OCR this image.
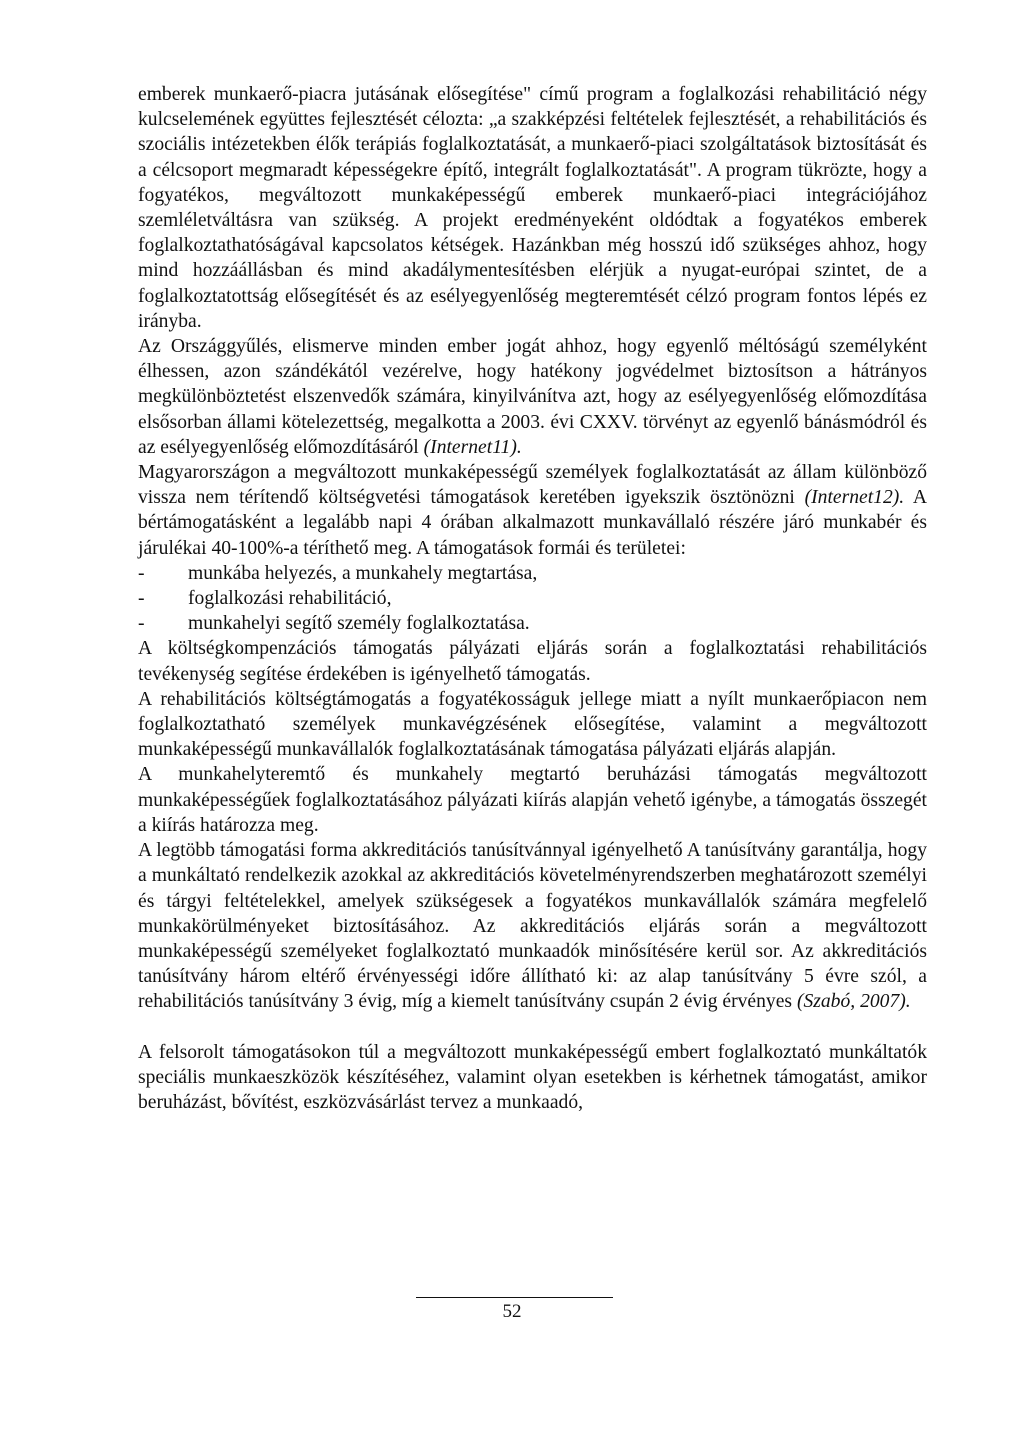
emberek munkaerő-piacra jutásának elősegítése" című program a foglalkozási rehabilitáció négy kulcselemének együttes fejlesztését célozta: „a szakképzési feltételek fejlesztését, a rehabilitációs és szociális intézetekben élők terápiás foglalkoztatását, a munkaerő-piaci szolgáltatások biztosítását és a célcsoport megmaradt képességekre építő, integrált foglalkoztatását". A program tükrözte, hogy a fogyatékos, megváltozott munkaképességű emberek munkaerő-piaci integrációjához szemléletváltásra van szükség. A projekt eredményeként oldódtak a fogyatékos emberek foglalkoztathatóságával kapcsolatos kétségek. Hazánkban még hosszú idő szükséges ahhoz, hogy mind hozzáállásban és mind akadálymentesítésben elérjük a nyugat-európai szintet, de a foglalkoztatottság elősegítését és az esélyegyenlőség megteremtését célzó program fontos lépés ez irányba.

Az Országgyűlés, elismerve minden ember jogát ahhoz, hogy egyenlő méltóságú személyként élhessen, azon szándékától vezérelve, hogy hatékony jogvédelmet biztosítson a hátrányos megkülönböztetést elszenvedők számára, kinyilvánítva azt, hogy az esélyegyenlőség előmozdítása elsősorban állami kötelezettség, megalkotta a 2003. évi CXXV. törvényt az egyenlő bánásmódról és az esélyegyenlőség előmozdításáról (Internet11).

Magyarországon a megváltozott munkaképességű személyek foglalkoztatását az állam különböző vissza nem térítendő költségvetési támogatások keretében igyekszik ösztönözni (Internet12). A bértámogatásként a legalább napi 4 órában alkalmazott munkavállaló részére járó munkabér és járulékai 40-100%-a téríthető meg. A támogatások formái és területei:

- munkába helyezés, a munkahely megtartása,
- foglalkozási rehabilitáció,
- munkahelyi segítő személy foglalkoztatása.

A költségkompenzációs támogatás pályázati eljárás során a foglalkoztatási rehabilitációs tevékenység segítése érdekében is igényelhető támogatás.

A rehabilitációs költségtámogatás a fogyatékosságuk jellege miatt a nyílt munkaerőpiacon nem foglalkoztatható személyek munkavégzésének elősegítése, valamint a megváltozott munkaképességű munkavállalók foglalkoztatásának támogatása pályázati eljárás alapján.

A munkahelyteremtő és munkahely megtartó beruházási támogatás megváltozott munkaképességűek foglalkoztatásához pályázati kiírás alapján vehető igénybe, a támogatás összegét a kiírás határozza meg.

A legtöbb támogatási forma akkreditációs tanúsítvánnyal igényelhető A tanúsítvány garantálja, hogy a munkáltató rendelkezik azokkal az akkreditációs követelményrendszerben meghatározott személyi és tárgyi feltételekkel, amelyek szükségesek a fogyatékos munkavállalók számára megfelelő munkakörülményeket biztosításához. Az akkreditációs eljárás során a megváltozott munkaképességű személyeket foglalkoztató munkaadók minősítésére kerül sor. Az akkreditációs tanúsítvány három eltérő érvényességi időre állítható ki: az alap tanúsítvány 5 évre szól, a rehabilitációs tanúsítvány 3 évig, míg a kiemelt tanúsítvány csupán 2 évig érvényes (Szabó, 2007).

A felsorolt támogatásokon túl a megváltozott munkaképességű embert foglalkoztató munkáltatók speciális munkaeszközök készítéséhez, valamint olyan esetekben is kérhetnek támogatást, amikor beruházást, bővítést, eszközvásárlást tervez a munkaadó,

52
